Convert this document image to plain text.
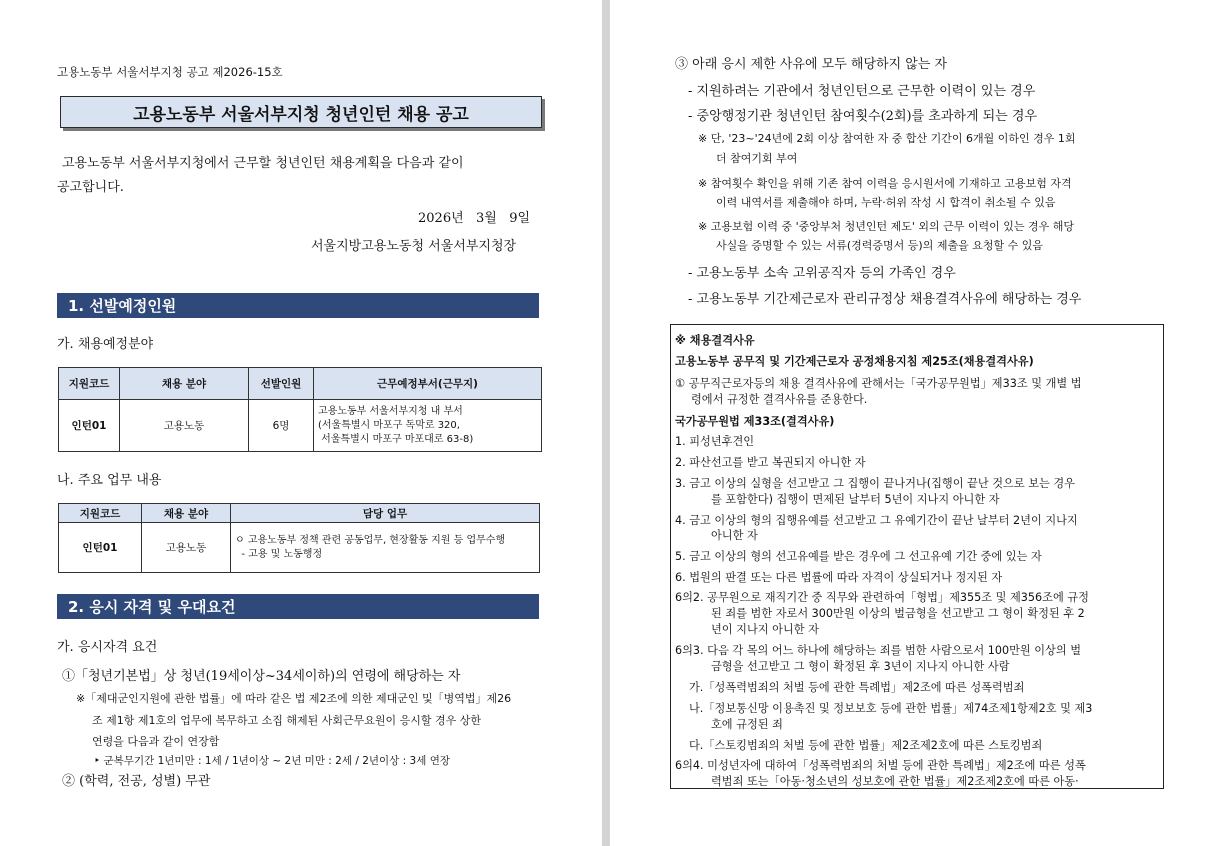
고용노동부 서울서부지청 공고 제2026-15호
고용노동부 서울서부지청 청년인턴 채용 공고
고용노동부 서울서부지청에서 근무할 청년인턴 채용계획을 다음과 같이
공고합니다.
2026년   3월   9일
서울지방고용노동청 서울서부지청장
1. 선발예정인원
가. 채용예정분야
지원코드	채용 분야	선발인원	근무예정부서(근무지)
인턴01	고용노동	6명	고용노동부 서울서부지청 내 부서
(서울특별시 마포구 독막로 320,
서울특별시 마포구 마포대로 63-8)
나. 주요 업무 내용
지원코드	채용 분야	담당 업무
인턴01	고용노동	ㅇ 고용노동부 정책 관련 공동업무, 현장활동 지원 등 업무수행
- 고용 및 노동행정
2. 응시 자격 및 우대요건
가. 응시자격 요건
①「청년기본법」상 청년(19세이상~34세이하)의 연령에 해당하는 자
※「제대군인지원에 관한 법률」에 따라 같은 법 제2조에 의한 제대군인 및「병역법」제26
조 제1항 제1호의 업무에 복무하고 소집 해제된 사회근무요원이 응시할 경우 상한
연령을 다음과 같이 연장함
‣ 군복무기간 1년미만 : 1세 / 1년이상 ~ 2년 미만 : 2세 / 2년이상 : 3세 연장
② (학력, 전공, 성별) 무관
③ 아래 응시 제한 사유에 모두 해당하지 않는 자
- 지원하려는 기관에서 청년인턴으로 근무한 이력이 있는 경우
- 중앙행정기관 청년인턴 참여횟수(2회)를 초과하게 되는 경우
※ 단, '23~'24년에 2회 이상 참여한 자 중 합산 기간이 6개월 이하인 경우 1회
더 참여기회 부여
※ 참여횟수 확인을 위해 기존 참여 이력을 응시원서에 기재하고 고용보험 자격
이력 내역서를 제출해야 하며, 누락·허위 작성 시 합격이 취소될 수 있음
※ 고용보험 이력 중 '중앙부처 청년인턴 제도' 외의 근무 이력이 있는 경우 해당
사실을 증명할 수 있는 서류(경력증명서 등)의 제출을 요청할 수 있음
- 고용노동부 소속 고위공직자 등의 가족인 경우
- 고용노동부 기간제근로자 관리규정상 채용결격사유에 해당하는 경우
※ 채용결격사유
고용노동부 공무직 및 기간제근로자 공정채용지침 제25조(채용결격사유)
① 공무직근로자등의 채용 결격사유에 관해서는「국가공무원법」제33조 및 개별 법
령에서 규정한 결격사유를 준용한다.
국가공무원법 제33조(결격사유)
1. 피성년후견인
2. 파산선고를 받고 복권되지 아니한 자
3. 금고 이상의 실형을 선고받고 그 집행이 끝나거나(집행이 끝난 것으로 보는 경우
를 포함한다) 집행이 면제된 날부터 5년이 지나지 아니한 자
4. 금고 이상의 형의 집행유예를 선고받고 그 유예기간이 끝난 날부터 2년이 지나지
아니한 자
5. 금고 이상의 형의 선고유예를 받은 경우에 그 선고유예 기간 중에 있는 자
6. 법원의 판결 또는 다른 법률에 따라 자격이 상실되거나 정지된 자
6의2. 공무원으로 재직기간 중 직무와 관련하여「형법」제355조 및 제356조에 규정
된 죄를 범한 자로서 300만원 이상의 벌금형을 선고받고 그 형이 확정된 후 2
년이 지나지 아니한 자
6의3. 다음 각 목의 어느 하나에 해당하는 죄를 범한 사람으로서 100만원 이상의 벌
금형을 선고받고 그 형이 확정된 후 3년이 지나지 아니한 사람
가.「성폭력범죄의 처벌 등에 관한 특례법」제2조에 따른 성폭력범죄
나.「정보통신망 이용촉진 및 정보보호 등에 관한 법률」제74조제1항제2호 및 제3
호에 규정된 죄
다.「스토킹범죄의 처벌 등에 관한 법률」제2조제2호에 따른 스토킹범죄
6의4. 미성년자에 대하여「성폭력범죄의 처벌 등에 관한 특례법」제2조에 따른 성폭
력범죄 또는「아동·청소년의 성보호에 관한 법률」제2조제2호에 따른 아동·
